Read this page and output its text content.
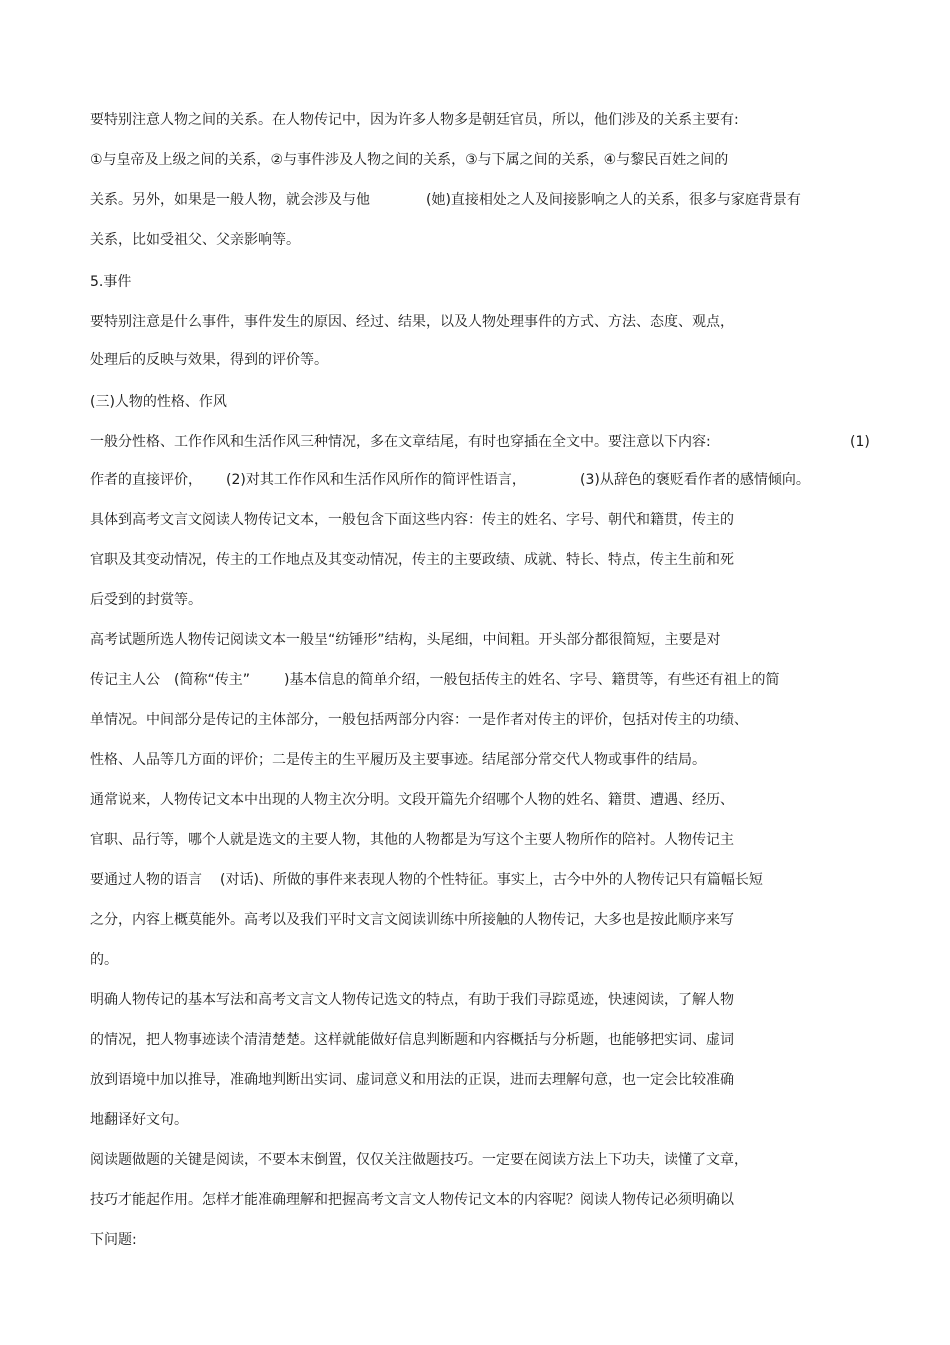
要特别注意人物之间的关系。在人物传记中，因为许多人物多是朝廷官员，所以，他们涉及的关系主要有:
①与皇帝及上级之间的关系，②与事件涉及人物之间的关系，③与下属之间的关系，④与黎民百姓之间的
关系。另外，如果是一般人物，就会涉及与他	(她)直接相处之人及间接影响之人的关系，很多与家庭背景有
关系，比如受祖父、父亲影响等。
5.事件
要特别注意是什么事件，事件发生的原因、经过、结果，以及人物处理事件的方式、方法、态度、观点，
处理后的反映与效果，得到的评价等。
(三)人物的性格、作风
一般分性格、工作作风和生活作风三种情况，多在文章结尾，有时也穿插在全文中。要注意以下内容:	(1)
作者的直接评价， (2)对其工作作风和生活作风所作的简评性语言，	(3)从辞色的褒贬看作者的感情倾向。
具体到高考文言文阅读人物传记文本，一般包含下面这些内容：传主的姓名、字号、朝代和籍贯，传主的
官职及其变动情况，传主的工作地点及其变动情况，传主的主要政绩、成就、特长、特点，传主生前和死
后受到的封赏等。
高考试题所选人物传记阅读文本一般呈“纺锤形”结构，头尾细，中间粗。开头部分都很简短，主要是对
传记主人公 (简称“传主” )基本信息的简单介绍，一般包括传主的姓名、字号、籍贯等，有些还有祖上的简
单情况。中间部分是传记的主体部分，一般包括两部分内容：一是作者对传主的评价，包括对传主的功绩、
性格、人品等几方面的评价；二是传主的生平履历及主要事迹。结尾部分常交代人物或事件的结局。
通常说来，人物传记文本中出现的人物主次分明。文段开篇先介绍哪个人物的姓名、籍贯、遭遇、经历、
官职、品行等，哪个人就是选文的主要人物，其他的人物都是为写这个主要人物所作的陪衬。人物传记主
要通过人物的语言 (对话)、所做的事件来表现人物的个性特征。事实上，古今中外的人物传记只有篇幅长短
之分，内容上概莫能外。高考以及我们平时文言文阅读训练中所接触的人物传记，大多也是按此顺序来写
的。
明确人物传记的基本写法和高考文言文人物传记选文的特点，有助于我们寻踪觅迹，快速阅读，了解人物
的情况，把人物事迹读个清清楚楚。这样就能做好信息判断题和内容概括与分析题，也能够把实词、虚词
放到语境中加以推导，准确地判断出实词、虚词意义和用法的正误，进而去理解句意，也一定会比较准确
地翻译好文句。
阅读题做题的关键是阅读，不要本末倒置，仅仅关注做题技巧。一定要在阅读方法上下功夫，读懂了文章，
技巧才能起作用。怎样才能准确理解和把握高考文言文人物传记文本的内容呢？阅读人物传记必须明确以
下问题:
